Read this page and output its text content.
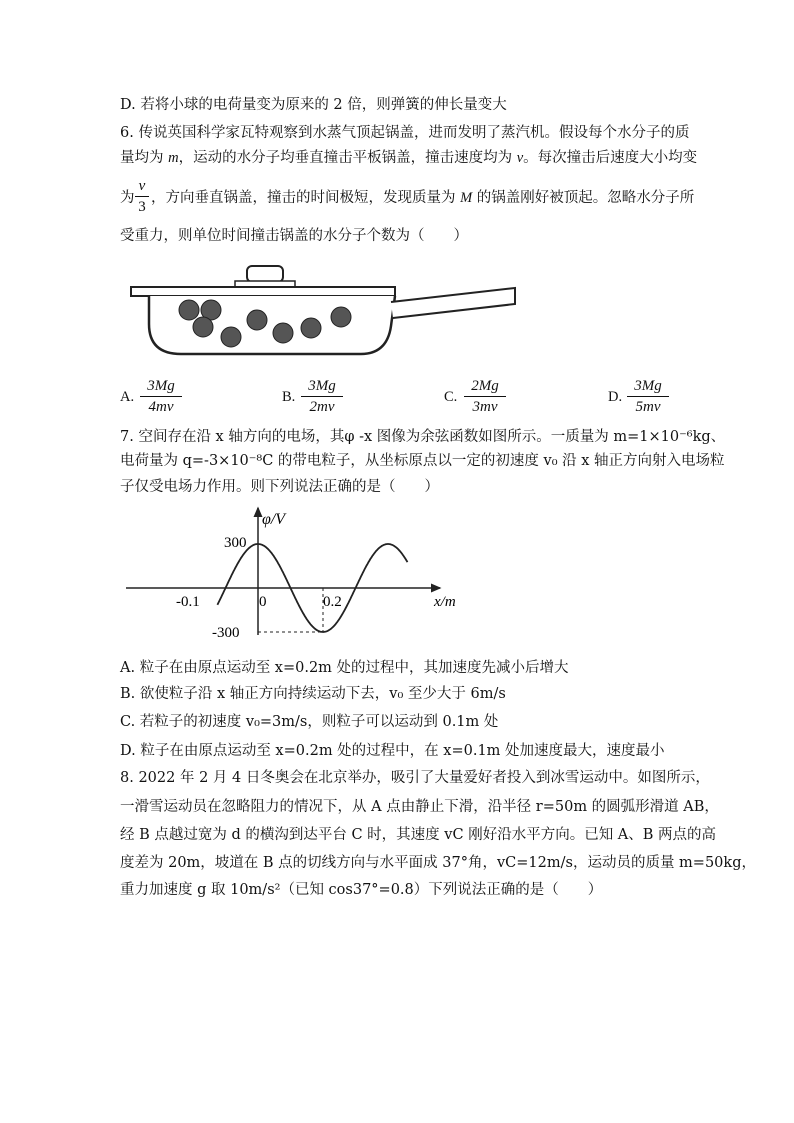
D. 若将小球的电荷量变为原来的 2 倍，则弹簧的伸长量变大
6. 传说英国科学家瓦特观察到水蒸气顶起锅盖，进而发明了蒸汽机。假设每个水分子的质
量均为 m，运动的水分子均垂直撞击平板锅盖，撞击速度均为 v。每次撞击后速度大小均变
为
v
3
，方向垂直锅盖，撞击的时间极短，发现质量为 M 的锅盖刚好被顶起。忽略水分子所
受重力，则单位时间撞击锅盖的水分子个数为（　　）
A.
3Mg
4mv
B.
3Mg
2mv
C.
2Mg
3mv
D.
3Mg
5mv
7. 空间存在沿 x 轴方向的电场，其φ -x 图像为余弦函数如图所示。一质量为 m=1×10⁻⁶kg、
电荷量为 q=-3×10⁻⁸C 的带电粒子，从坐标原点以一定的初速度 v₀ 沿 x 轴正方向射入电场粒
子仅受电场力作用。则下列说法正确的是（　　）
φ/V
x/m
300
-300
-0.1	0	0.2
A. 粒子在由原点运动至 x=0.2m 处的过程中，其加速度先减小后增大
B. 欲使粒子沿 x 轴正方向持续运动下去，v₀ 至少大于 6m/s
C. 若粒子的初速度 v₀=3m/s，则粒子可以运动到 0.1m 处
D. 粒子在由原点运动至 x=0.2m 处的过程中，在 x=0.1m 处加速度最大，速度最小
8. 2022 年 2 月 4 日冬奥会在北京举办，吸引了大量爱好者投入到冰雪运动中。如图所示，
一滑雪运动员在忽略阻力的情况下，从 A 点由静止下滑，沿半径 r=50m 的圆弧形滑道 AB，
经 B 点越过宽为 d 的横沟到达平台 C 时，其速度 vC 刚好沿水平方向。已知 A、B 两点的高
度差为 20m，坡道在 B 点的切线方向与水平面成 37°角，vC=12m/s，运动员的质量 m=50kg，
重力加速度 g 取 10m/s²（已知 cos37°=0.8）下列说法正确的是（　　）
